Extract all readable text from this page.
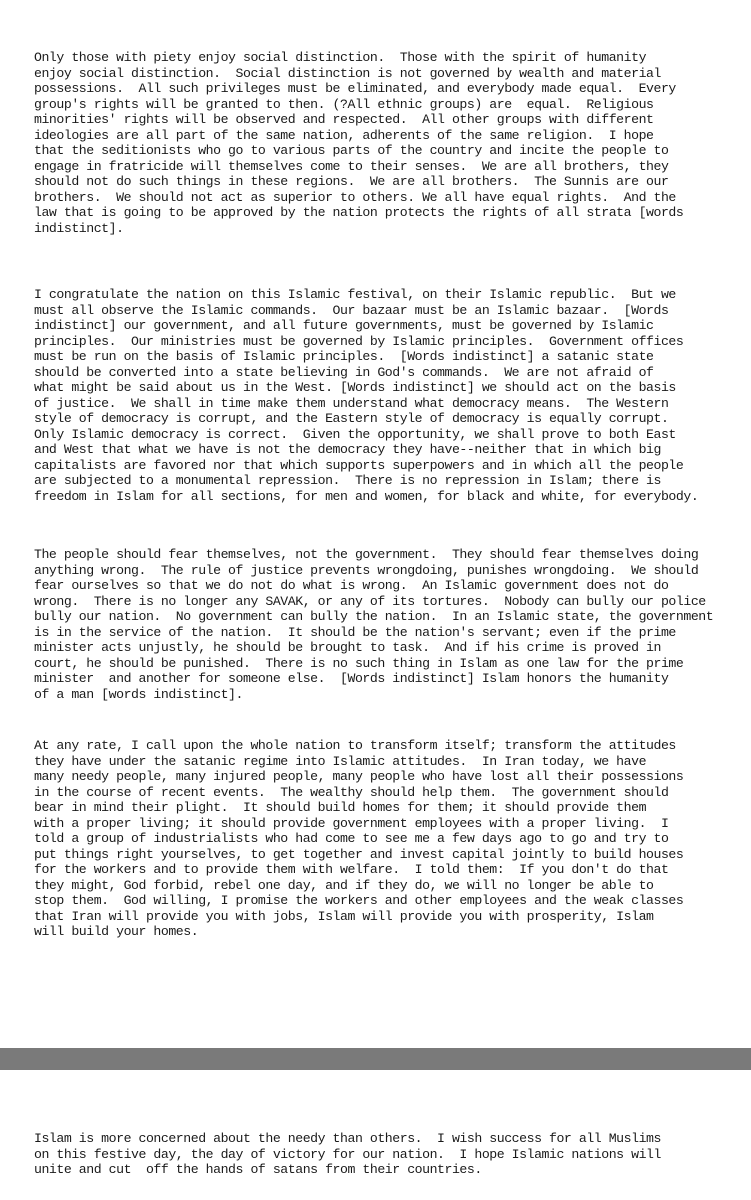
Only those with piety enjoy social distinction.  Those with the spirit of humanity
enjoy social distinction.  Social distinction is not governed by wealth and material
possessions.  All such privileges must be eliminated, and everybody made equal.  Every
group's rights will be granted to then. (?All ethnic groups) are  equal.  Religious
minorities' rights will be observed and respected.  All other groups with different
ideologies are all part of the same nation, adherents of the same religion.  I hope
that the seditionists who go to various parts of the country and incite the people to
engage in fratricide will themselves come to their senses.  We are all brothers, they
should not do such things in these regions.  We are all brothers.  The Sunnis are our
brothers.  We should not act as superior to others. We all have equal rights.  And the
law that is going to be approved by the nation protects the rights of all strata [words
indistinct].

I congratulate the nation on this Islamic festival, on their Islamic republic.  But we
must all observe the Islamic commands.  Our bazaar must be an Islamic bazaar.  [Words
indistinct] our government, and all future governments, must be governed by Islamic
principles.  Our ministries must be governed by Islamic principles.  Government offices
must be run on the basis of Islamic principles.  [Words indistinct] a satanic state
should be converted into a state believing in God's commands.  We are not afraid of
what might be said about us in the West. [Words indistinct] we should act on the basis
of justice.  We shall in time make them understand what democracy means.  The Western
style of democracy is corrupt, and the Eastern style of democracy is equally corrupt.
Only Islamic democracy is correct.  Given the opportunity, we shall prove to both East
and West that what we have is not the democracy they have--neither that in which big
capitalists are favored nor that which supports superpowers and in which all the people
are subjected to a monumental repression.  There is no repression in Islam; there is
freedom in Islam for all sections, for men and women, for black and white, for everybody.

The people should fear themselves, not the government.  They should fear themselves doing
anything wrong.  The rule of justice prevents wrongdoing, punishes wrongdoing.  We should
fear ourselves so that we do not do what is wrong.  An Islamic government does not do
wrong.  There is no longer any SAVAK, or any of its tortures.  Nobody can bully our police
bully our nation.  No government can bully the nation.  In an Islamic state, the government
is in the service of the nation.  It should be the nation's servant; even if the prime
minister acts unjustly, he should be brought to task.  And if his crime is proved in
court, he should be punished.  There is no such thing in Islam as one law for the prime
minister  and another for someone else.  [Words indistinct] Islam honors the humanity
of a man [words indistinct].

At any rate, I call upon the whole nation to transform itself; transform the attitudes
they have under the satanic regime into Islamic attitudes.  In Iran today, we have
many needy people, many injured people, many people who have lost all their possessions
in the course of recent events.  The wealthy should help them.  The government should
bear in mind their plight.  It should build homes for them; it should provide them
with a proper living; it should provide government employees with a proper living.  I
told a group of industrialists who had come to see me a few days ago to go and try to
put things right yourselves, to get together and invest capital jointly to build houses
for the workers and to provide them with welfare.  I told them:  If you don't do that
they might, God forbid, rebel one day, and if they do, we will no longer be able to
stop them.  God willing, I promise the workers and other employees and the weak classes
that Iran will provide you with jobs, Islam will provide you with prosperity, Islam
will build your homes.

Islam is more concerned about the needy than others.  I wish success for all Muslims
on this festive day, the day of victory for our nation.  I hope Islamic nations will
unite and cut  off the hands of satans from their countries.
